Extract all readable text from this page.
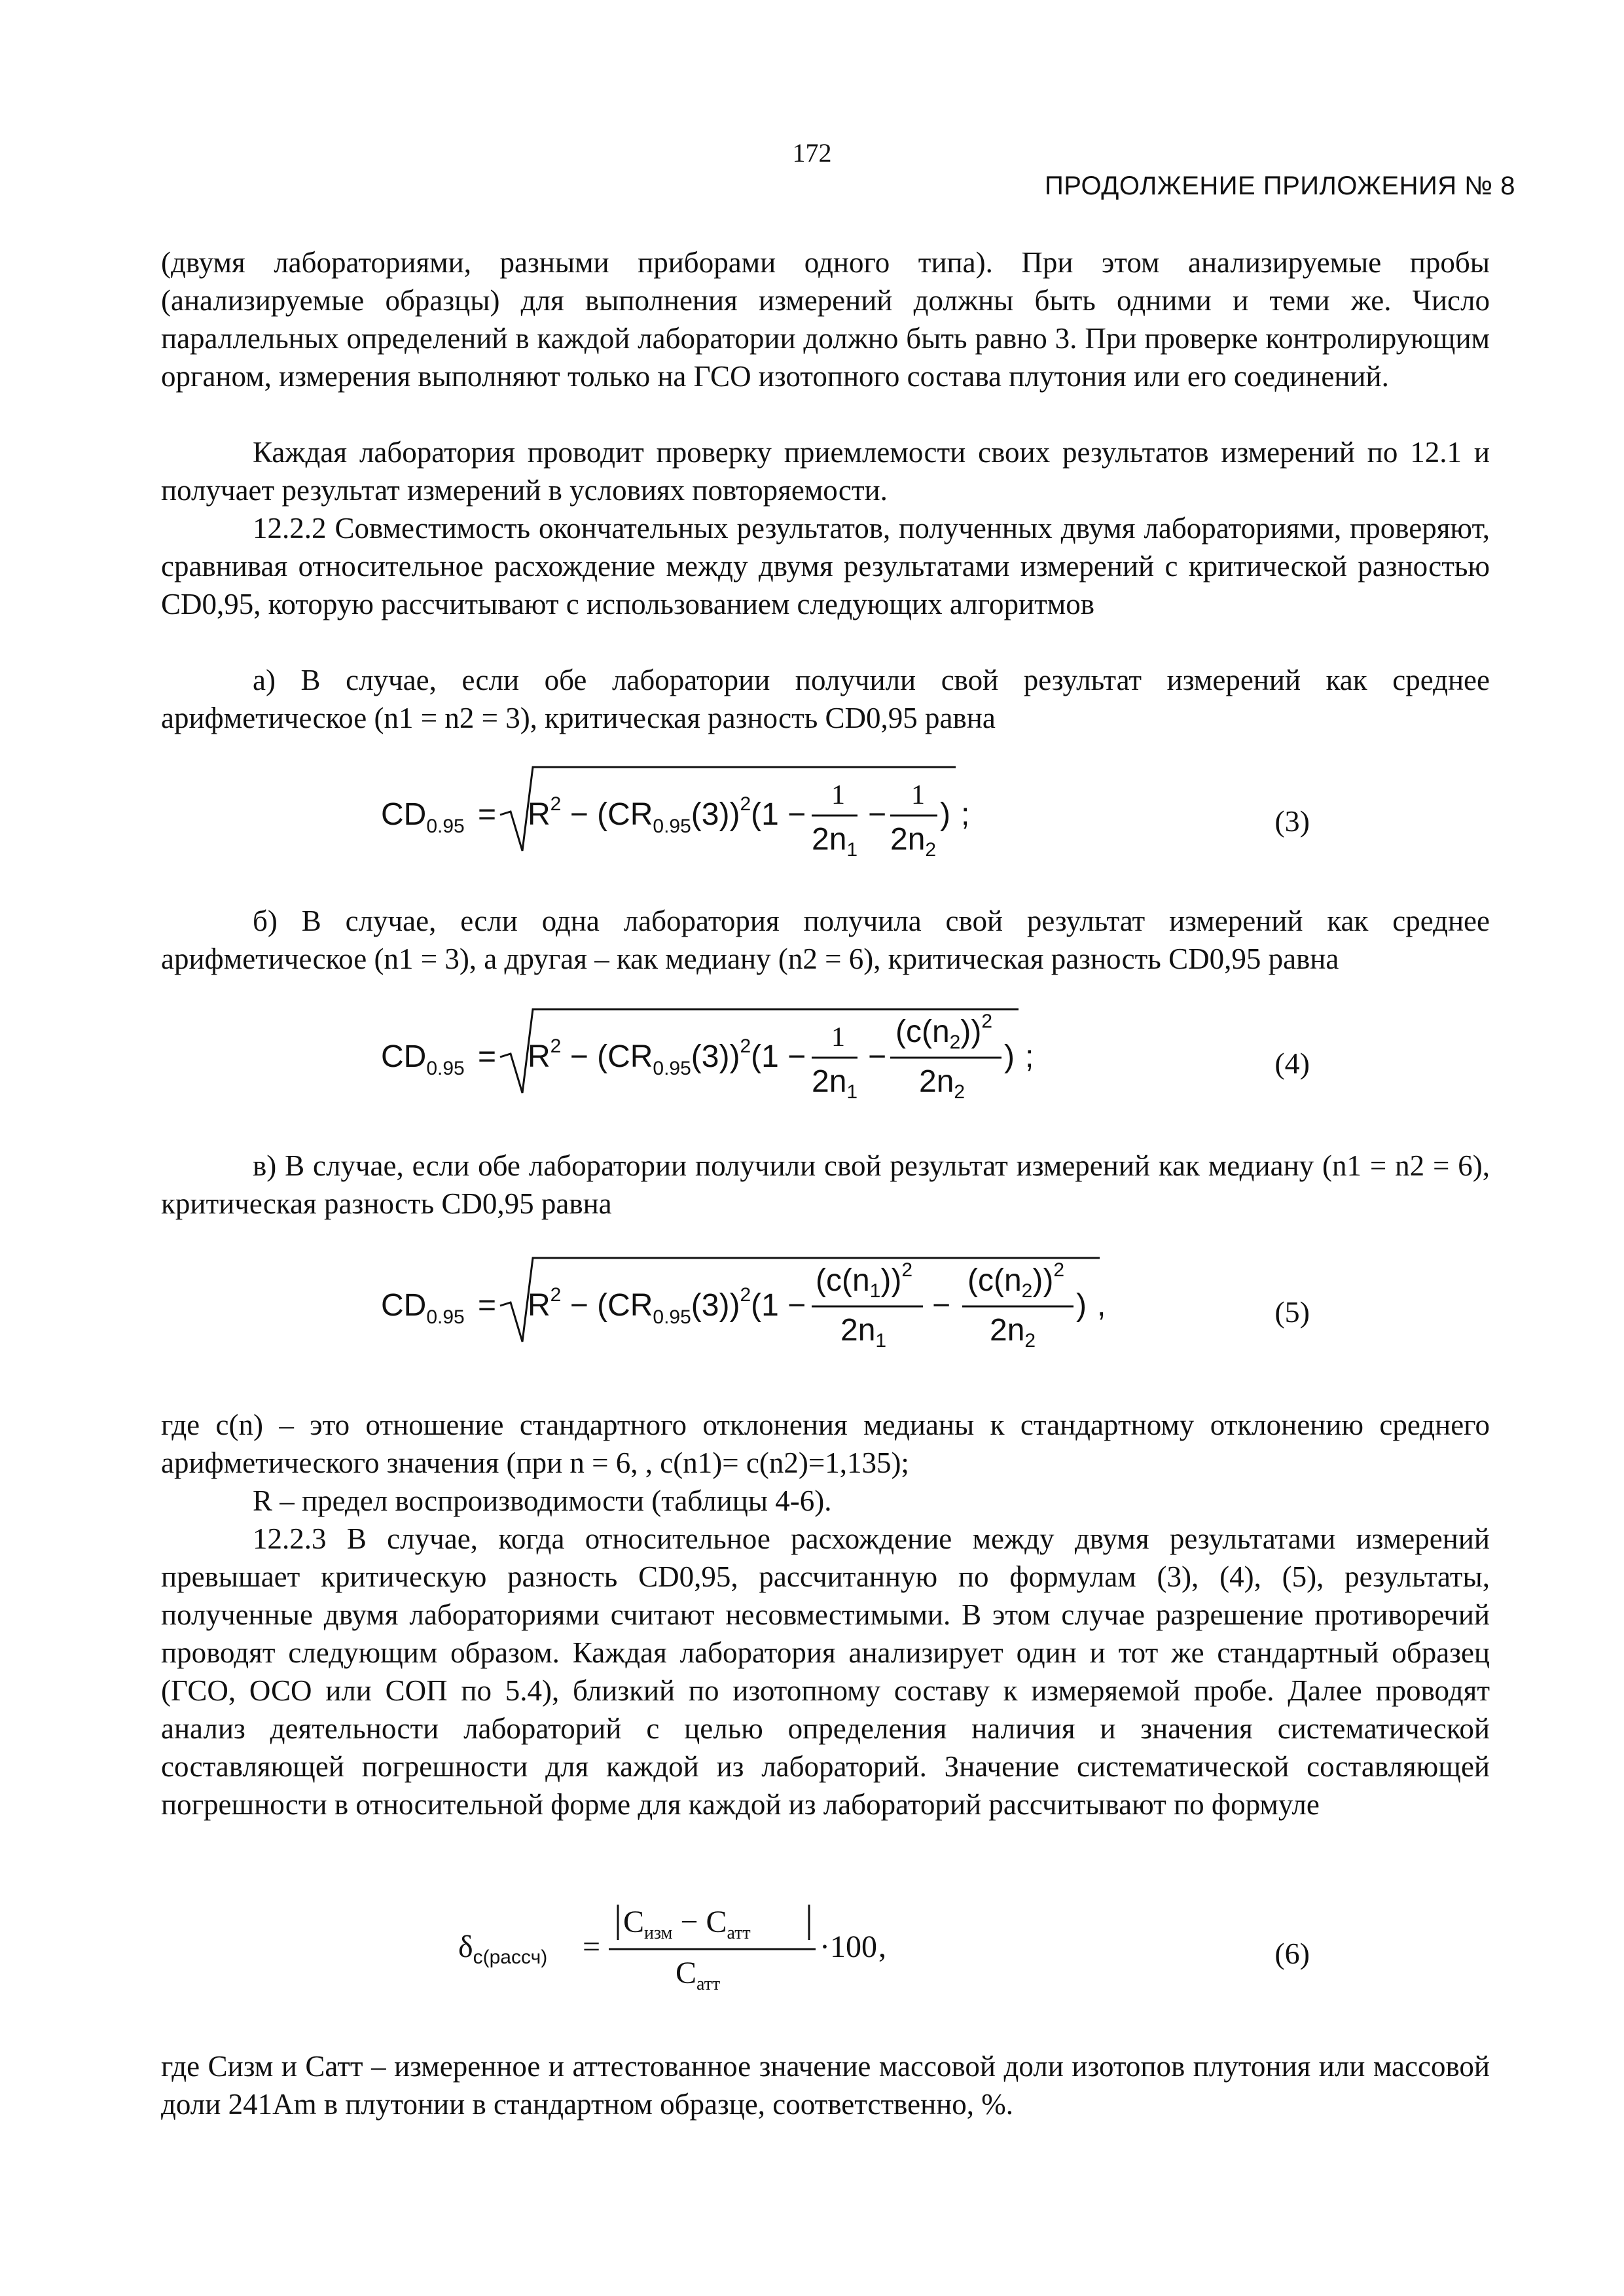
172
ПРОДОЛЖЕНИЕ ПРИЛОЖЕНИЯ № 8
(двумя лабораториями, разными приборами одного типа). При этом анализируемые пробы (анализируемые образцы) для выполнения измерений должны быть одними и теми же. Число параллельных определений в каждой лаборатории должно быть равно 3. При проверке контролирующим органом, измерения выполняют только на ГСО изотопного состава плутония или его соединений.
Каждая лаборатория проводит проверку приемлемости своих результатов измерений по 12.1 и получает результат измерений в условиях повторяемости.
12.2.2 Совместимость окончательных результатов, полученных двумя лабораториями, проверяют, сравнивая относительное расхождение между двумя результатами измерений с критической разностью CD0,95, которую рассчитывают с использованием следующих алгоритмов
а) В случае, если обе лаборатории получили свой результат измерений как среднее арифметическое (n1 = n2 = 3), критическая разность CD0,95 равна
$CD_{0.95} = R^2 - (CR_{0.95}(3))^2(1$ −
1
$2n_1$
−
1
$2n_2$
) ;	(3)
б) В случае, если одна лаборатория получила свой результат измерений как среднее арифметическое (n1 = 3), а другая – как медиану (n2 = 6), критическая разность CD0,95 равна
$CD_{0.95} = R^2 - (CR_{0.95}(3))^2(1$ −
1
$2n_1$
−
$(c(n_2))^2$
$2n_2$
) ;	(4)
в) В случае, если обе лаборатории получили свой результат измерений как медиану (n1 = n2 = 6), критическая разность CD0,95 равна
$CD_{0.95} = R^2 - (CR_{0.95}(3))^2(1$ −
$(c(n_1))^2$
$2n_1$
−
$(c(n_2))^2$
$2n_2$
) ,	(5)
где c(n) – это отношение стандартного отклонения медианы к стандартному отклонению среднего арифметического значения (при n = 6, , c(n1)= c(n2)=1,135);
R – предел воспроизводимости (таблицы 4-6).
12.2.3 В случае, когда относительное расхождение между двумя результатами измерений превышает критическую разность CD0,95, рассчитанную по формулам (3), (4), (5), результаты, полученные двумя лабораториями считают несовместимыми. В этом случае разрешение противоречий проводят следующим образом. Каждая лаборатория анализирует один и тот же стандартный образец (ГСО, ОСО или СОП по 5.4), близкий по изотопному составу к измеряемой пробе. Далее проводят анализ деятельности лабораторий с целью определения наличия и значения систематической составляющей погрешности для каждой из лабораторий. Значение систематической составляющей погрешности в относительной форме для каждой из лабораторий рассчитывают по формуле
$\delta_{c(рассч)}$ =
$C_{изм} - C_{атт}$
$C_{атт}$
·100 ,	(6)
где Cизм и Cатт – измеренное и аттестованное значение массовой доли изотопов плутония или массовой доли 241Am в плутонии в стандартном образце, соответственно, %.
